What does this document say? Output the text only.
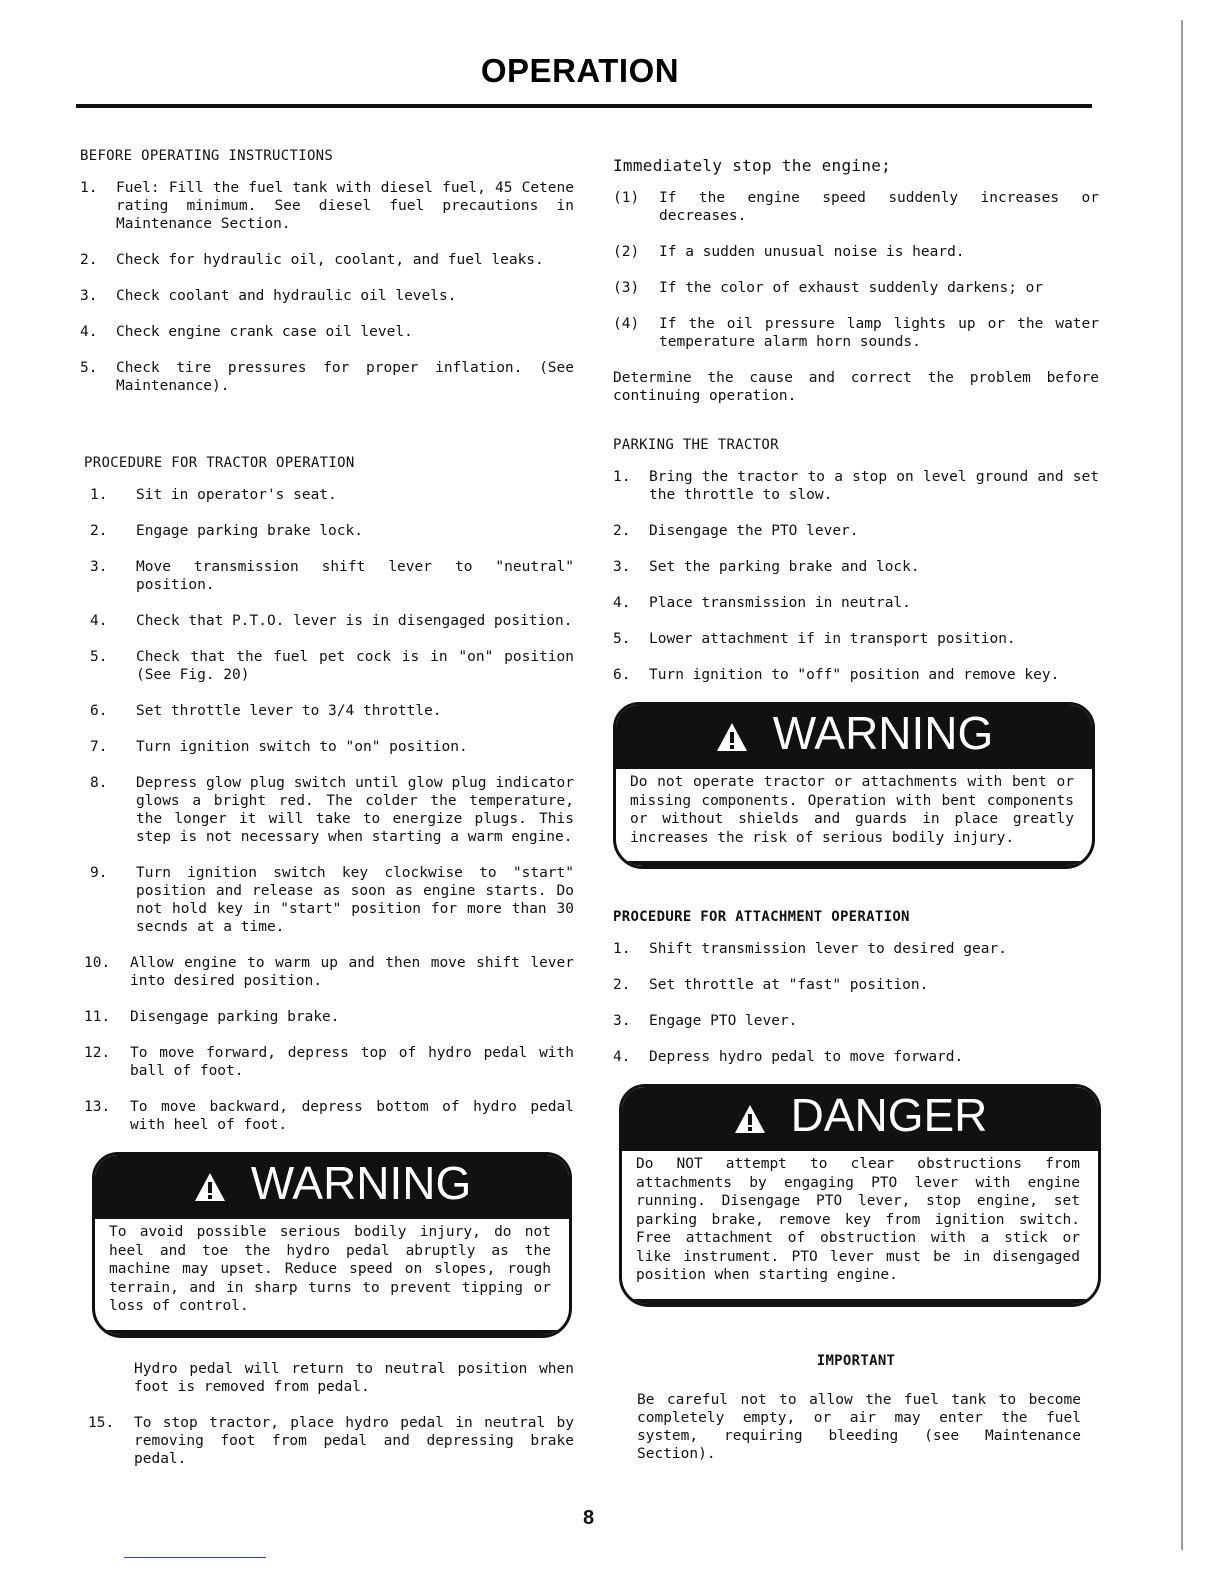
OPERATION
BEFORE OPERATING INSTRUCTIONS
1.	Fuel: Fill the fuel tank with diesel fuel, 45 Cetene rating minimum. See diesel fuel precautions in Maintenance Section.
2.	Check for hydraulic oil, coolant, and fuel leaks.
3.	Check coolant and hydraulic oil levels.
4.	Check engine crank case oil level.
5.	Check tire pressures for proper inflation. (See Maintenance).
PROCEDURE FOR TRACTOR OPERATION
1.	Sit in operator's seat.
2.	Engage parking brake lock.
3.	Move transmission shift lever to "neutral" position.
4.	Check that P.T.O. lever is in disengaged position.
5.	Check that the fuel pet cock is in "on" position (See Fig. 20)
6.	Set throttle lever to 3/4 throttle.
7.	Turn ignition switch to "on" position.
8.	Depress glow plug switch until glow plug indicator glows a bright red. The colder the temperature, the longer it will take to energize plugs. This step is not necessary when starting a warm engine.
9.	Turn ignition switch key clockwise to "start" position and release as soon as engine starts. Do not hold key in "start" position for more than 30 secnds at a time.
10.	Allow engine to warm up and then move shift lever into desired position.
11.	Disengage parking brake.
12.	To move forward, depress top of hydro pedal with ball of foot.
13.	To move backward, depress bottom of hydro pedal with heel of foot.
WARNING
To avoid possible serious bodily injury, do not heel and toe the hydro pedal abruptly as the machine may upset. Reduce speed on slopes, rough terrain, and in sharp turns to prevent tipping or loss of control.
Hydro pedal will return to neutral position when foot is removed from pedal.
15.	To stop tractor, place hydro pedal in neutral by removing foot from pedal and depressing brake pedal.
Immediately stop the engine;
(1)	If the engine speed suddenly increases or decreases.
(2)	If a sudden unusual noise is heard.
(3)	If the color of exhaust suddenly darkens; or
(4)	If the oil pressure lamp lights up or the water temperature alarm horn sounds.
Determine the cause and correct the problem before continuing operation.
PARKING THE TRACTOR
1.	Bring the tractor to a stop on level ground and set the throttle to slow.
2.	Disengage the PTO lever.
3.	Set the parking brake and lock.
4.	Place transmission in neutral.
5.	Lower attachment if in transport position.
6.	Turn ignition to "off" position and remove key.
WARNING
Do not operate tractor or attachments with bent or missing components. Operation with bent components or without shields and guards in place greatly increases the risk of serious bodily injury.
PROCEDURE FOR ATTACHMENT OPERATION
1.	Shift transmission lever to desired gear.
2.	Set throttle at "fast" position.
3.	Engage PTO lever.
4.	Depress hydro pedal to move forward.
DANGER
Do NOT attempt to clear obstructions from attachments by engaging PTO lever with engine running. Disengage PTO lever, stop engine, set parking brake, remove key from ignition switch. Free attachment of obstruction with a stick or like instrument. PTO lever must be in disengaged position when starting engine.
IMPORTANT
Be careful not to allow the fuel tank to become completely empty, or air may enter the fuel system, requiring bleeding (see Maintenance Section).
8
